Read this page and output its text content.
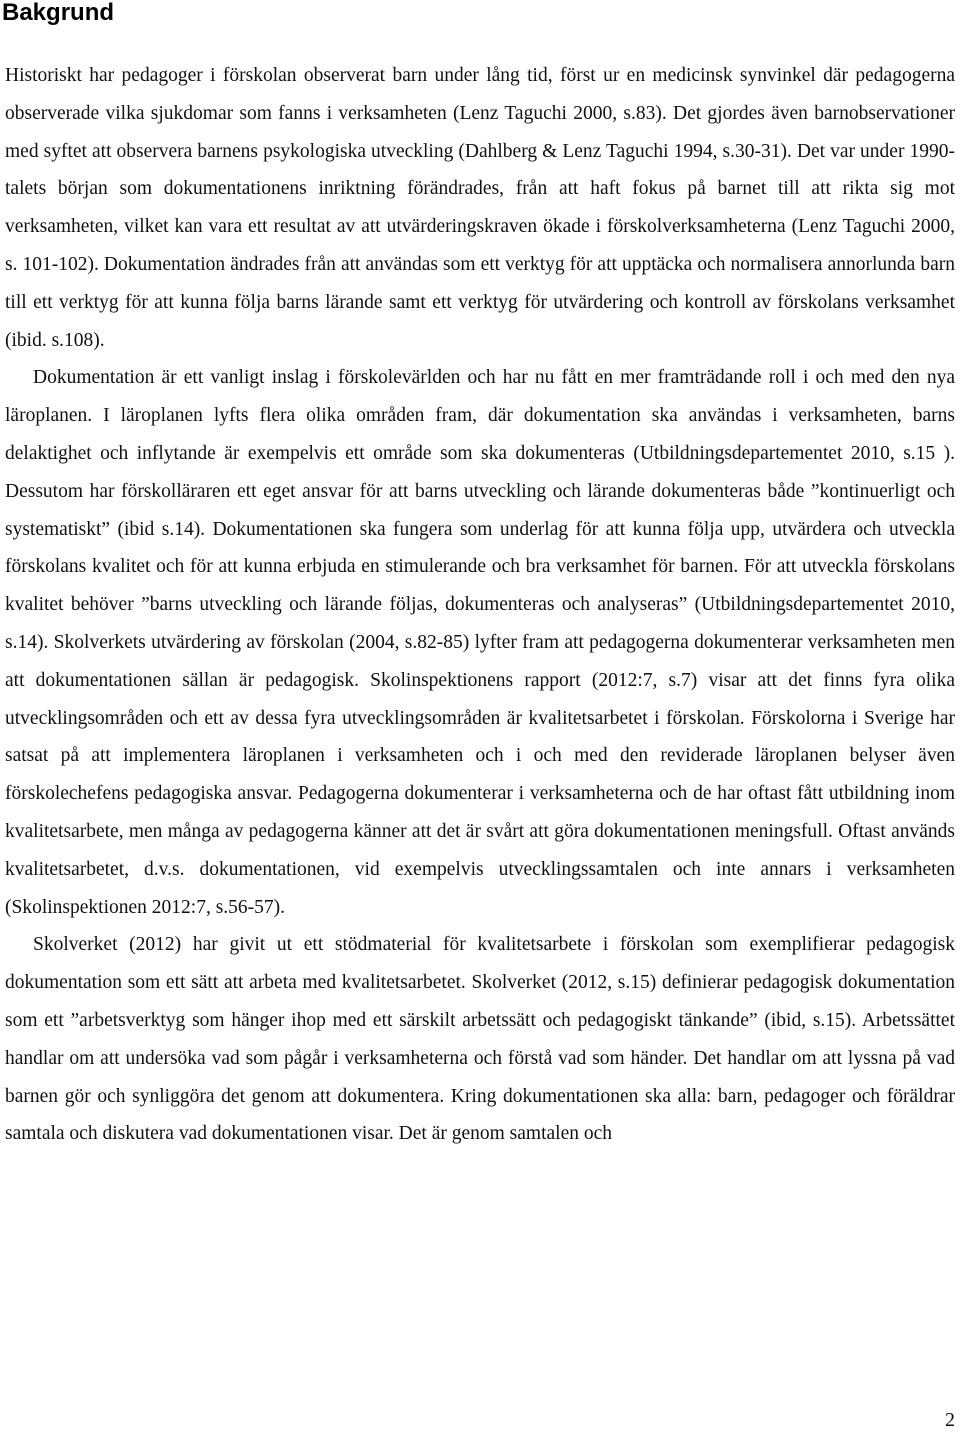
Bakgrund

Historiskt har pedagoger i förskolan observerat barn under lång tid, först ur en medicinsk synvinkel där pedagogerna observerade vilka sjukdomar som fanns i verksamheten (Lenz Taguchi 2000, s.83). Det gjordes även barnobservationer med syftet att observera barnens psykologiska utveckling (Dahlberg & Lenz Taguchi 1994, s.30-31). Det var under 1990- talets början som dokumentationens inriktning förändrades, från att haft fokus på barnet till att rikta sig mot verksamheten, vilket kan vara ett resultat av att utvärderingskraven ökade i förskolverksamheterna (Lenz Taguchi 2000, s. 101-102). Dokumentation ändrades från att användas som ett verktyg för att upptäcka och normalisera annorlunda barn till ett verktyg för att kunna följa barns lärande samt ett verktyg för utvärdering och kontroll av förskolans verksamhet (ibid. s.108).

Dokumentation är ett vanligt inslag i förskolevärlden och har nu fått en mer framträdande roll i och med den nya läroplanen. I läroplanen lyfts flera olika områden fram, där dokumentation ska användas i verksamheten, barns delaktighet och inflytande är exempelvis ett område som ska dokumenteras (Utbildningsdepartementet 2010, s.15 ). Dessutom har förskolläraren ett eget ansvar för att barns utveckling och lärande dokumenteras både ”kontinuerligt och systematiskt” (ibid s.14). Dokumentationen ska fungera som underlag för att kunna följa upp, utvärdera och utveckla förskolans kvalitet och för att kunna erbjuda en stimulerande och bra verksamhet för barnen. För att utveckla förskolans kvalitet behöver ”barns utveckling och lärande följas, dokumenteras och analyseras” (Utbildningsdepartementet 2010, s.14). Skolverkets utvärdering av förskolan (2004, s.82-85) lyfter fram att pedagogerna dokumenterar verksamheten men att dokumentationen sällan är pedagogisk. Skolinspektionens rapport (2012:7, s.7) visar att det finns fyra olika utvecklingsområden och ett av dessa fyra utvecklingsområden är kvalitetsarbetet i förskolan. Förskolorna i Sverige har satsat på att implementera läroplanen i verksamheten och i och med den reviderade läroplanen belyser även förskolechefens pedagogiska ansvar. Pedagogerna dokumenterar i verksamheterna och de har oftast fått utbildning inom kvalitetsarbete, men många av pedagogerna känner att det är svårt att göra dokumentationen meningsfull. Oftast används kvalitetsarbetet, d.v.s. dokumentationen, vid exempelvis utvecklingssamtalen och inte annars i verksamheten (Skolinspektionen 2012:7, s.56-57).

Skolverket (2012) har givit ut ett stödmaterial för kvalitetsarbete i förskolan som exemplifierar pedagogisk dokumentation som ett sätt att arbeta med kvalitetsarbetet. Skolverket (2012, s.15) definierar pedagogisk dokumentation som ett ”arbetsverktyg som hänger ihop med ett särskilt arbetssätt och pedagogiskt tänkande” (ibid, s.15). Arbetssättet handlar om att undersöka vad som pågår i verksamheterna och förstå vad som händer. Det handlar om att lyssna på vad barnen gör och synliggöra det genom att dokumentera. Kring dokumentationen ska alla: barn, pedagoger och föräldrar samtala och diskutera vad dokumentationen visar. Det är genom samtalen och

2
